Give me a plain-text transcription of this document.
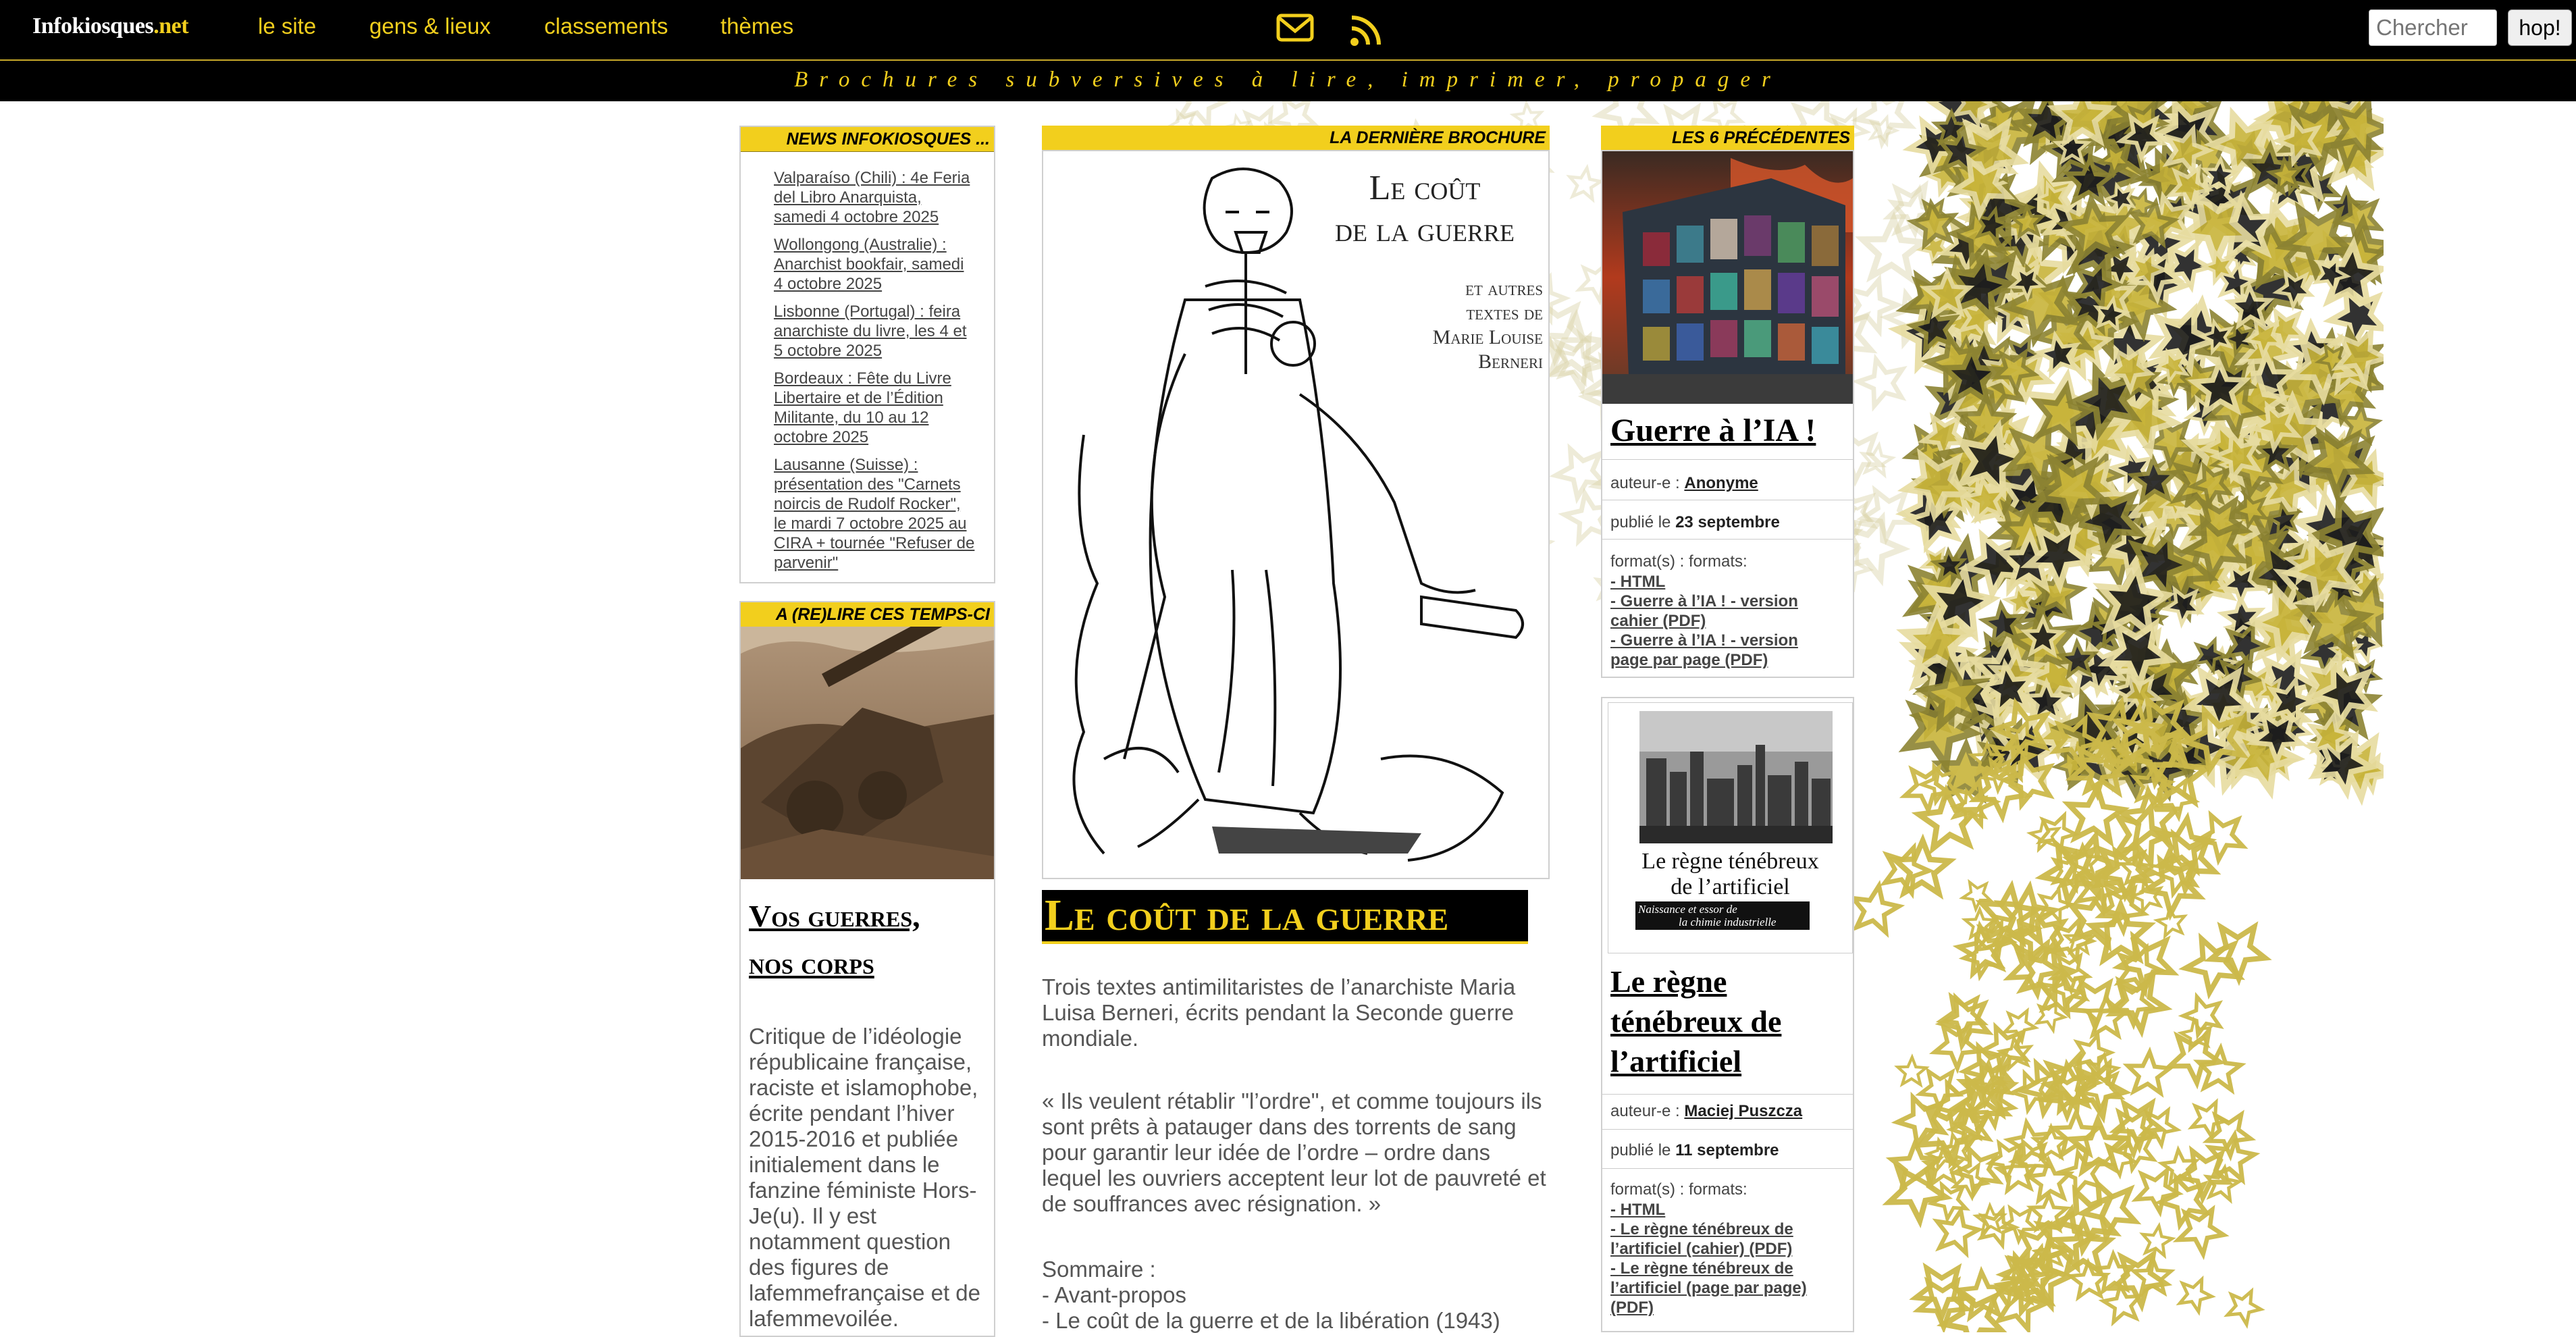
Infokiosques.net	le site gens & lieux classements thèmes
Chercher	hop!
Brochures subversives à lire, imprimer, propager
NEWS INFOKIOSQUES ...
Valparaíso (Chili) : 4e Feria
del Libro Anarquista,
samedi 4 octobre 2025
Wollongong (Australie) :
Anarchist bookfair, samedi
4 octobre 2025
Lisbonne (Portugal) : feira
anarchiste du livre, les 4 et
5 octobre 2025
Bordeaux : Fête du Livre
Libertaire et de l’Édition
Militante, du 10 au 12
octobre 2025
Lausanne (Suisse) :
présentation des "Carnets
noircis de Rudolf Rocker",
le mardi 7 octobre 2025 au
CIRA + tournée "Refuser de
parvenir"
A (RE)LIRE CES TEMPS-CI
Vos guerres,
nos corps
Critique de l’idéologie
républicaine française,
raciste et islamophobe,
écrite pendant l’hiver
2015-2016 et publiée
initialement dans le
fanzine féministe Hors-
Je(u). Il y est
notamment question
des figures de
lafemmefrançaise et de
lafemmevoilée.
LA DERNIÈRE BROCHURE
Le coût
de la guerre
et autres
textes de
Marie Louise
Berneri
Le coût de la guerre
Trois textes antimilitaristes de l’anarchiste Maria
Luisa Berneri, écrits pendant la Seconde guerre
mondiale.
« Ils veulent rétablir "l’ordre", et comme toujours ils
sont prêts à patauger dans des torrents de sang
pour garantir leur idée de l’ordre – ordre dans
lequel les ouvriers acceptent leur lot de pauvreté et
de souffrances avec résignation. »
Sommaire :
- Avant-propos
- Le coût de la guerre et de la libération (1943)
LES 6 PRÉCÉDENTES
Guerre à l’IA !
auteur-e : Anonyme
publié le 23 septembre
format(s) : formats:
- HTML
- Guerre à l’IA ! - version
cahier (PDF)
- Guerre à l’IA ! - version
page par page (PDF)
Le règne ténébreux
de l’artificiel
Naissance et essor de
la chimie industrielle
Le règne
ténébreux de
l’artificiel
auteur-e : Maciej Puszcza
publié le 11 septembre
format(s) : formats:
- HTML
- Le règne ténébreux de
l’artificiel (cahier) (PDF)
- Le règne ténébreux de
l’artificiel (page par page)
(PDF)
